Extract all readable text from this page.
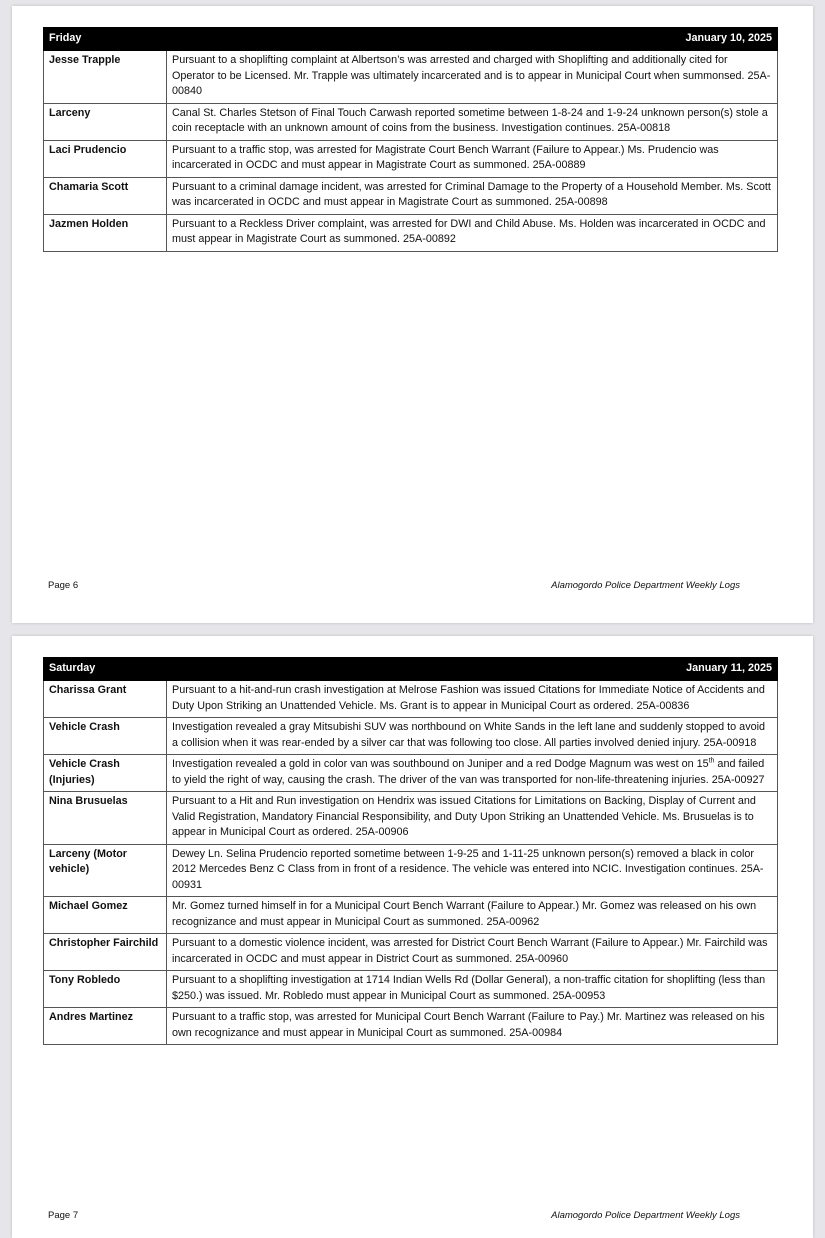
Friday	January 10, 2025
Jesse Trapple	Pursuant to a shoplifting complaint at Albertson’s was arrested and charged with Shoplifting and additionally cited for Operator to be Licensed. Mr. Trapple was ultimately incarcerated and is to appear in Municipal Court when summonsed. 25A-00840
Larceny	Canal St. Charles Stetson of Final Touch Carwash reported sometime between 1-8-24 and 1-9-24 unknown person(s) stole a coin receptacle with an unknown amount of coins from the business. Investigation continues. 25A-00818
Laci Prudencio	Pursuant to a traffic stop, was arrested for Magistrate Court Bench Warrant (Failure to Appear.) Ms. Prudencio was incarcerated in OCDC and must appear in Magistrate Court as summoned. 25A-00889
Chamaria Scott	Pursuant to a criminal damage incident, was arrested for Criminal Damage to the Property of a Household Member. Ms. Scott was incarcerated in OCDC and must appear in Magistrate Court as summoned. 25A-00898
Jazmen Holden	Pursuant to a Reckless Driver complaint, was arrested for DWI and Child Abuse. Ms. Holden was incarcerated in OCDC and must appear in Magistrate Court as summoned. 25A-00892
Page 6	Alamogordo Police Department Weekly Logs
Saturday	January 11, 2025
Charissa Grant	Pursuant to a hit-and-run crash investigation at Melrose Fashion was issued Citations for Immediate Notice of Accidents and Duty Upon Striking an Unattended Vehicle. Ms. Grant is to appear in Municipal Court as ordered. 25A-00836
Vehicle Crash	Investigation revealed a gray Mitsubishi SUV was northbound on White Sands in the left lane and suddenly stopped to avoid a collision when it was rear-ended by a silver car that was following too close. All parties involved denied injury. 25A-00918
Vehicle Crash (Injuries)	Investigation revealed a gold in color van was southbound on Juniper and a red Dodge Magnum was west on 15th and failed to yield the right of way, causing the crash. The driver of the van was transported for non-life-threatening injuries. 25A-00927
Nina Brusuelas	Pursuant to a Hit and Run investigation on Hendrix was issued Citations for Limitations on Backing, Display of Current and Valid Registration, Mandatory Financial Responsibility, and Duty Upon Striking an Unattended Vehicle. Ms. Brusuelas is to appear in Municipal Court as ordered. 25A-00906
Larceny (Motor vehicle)	Dewey Ln. Selina Prudencio reported sometime between 1-9-25 and 1-11-25 unknown person(s) removed a black in color 2012 Mercedes Benz C Class from in front of a residence. The vehicle was entered into NCIC. Investigation continues. 25A-00931
Michael Gomez	Mr. Gomez turned himself in for a Municipal Court Bench Warrant (Failure to Appear.) Mr. Gomez was released on his own recognizance and must appear in Municipal Court as summoned. 25A-00962
Christopher Fairchild	Pursuant to a domestic violence incident, was arrested for District Court Bench Warrant (Failure to Appear.) Mr. Fairchild was incarcerated in OCDC and must appear in District Court as summoned. 25A-00960
Tony Robledo	Pursuant to a shoplifting investigation at 1714 Indian Wells Rd (Dollar General), a non-traffic citation for shoplifting (less than $250.) was issued. Mr. Robledo must appear in Municipal Court as summoned. 25A-00953
Andres Martinez	Pursuant to a traffic stop, was arrested for Municipal Court Bench Warrant (Failure to Pay.) Mr. Martinez was released on his own recognizance and must appear in Municipal Court as summoned. 25A-00984
Page 7	Alamogordo Police Department Weekly Logs
